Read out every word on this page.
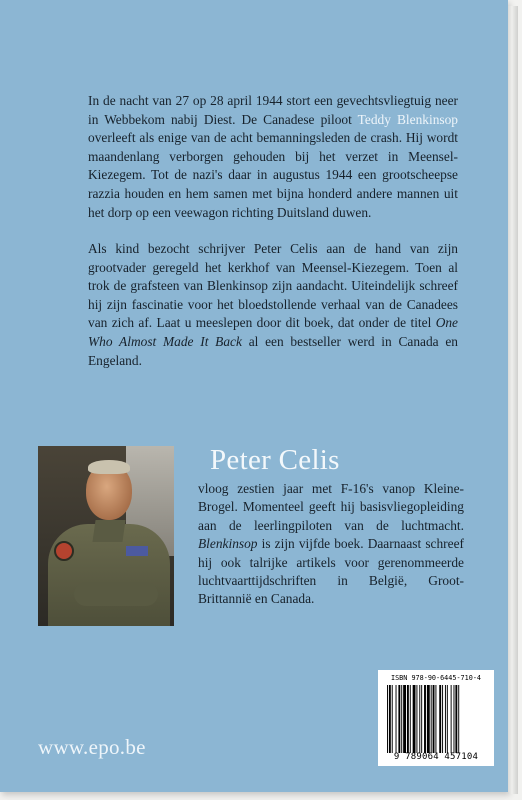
In de nacht van 27 op 28 april 1944 stort een gevechtsvliegtuig neer in Webbekom nabij Diest. De Canadese piloot Teddy Blenkinsop overleeft als enige van de acht bemanningsleden de crash. Hij wordt maandenlang verborgen gehouden bij het verzet in Meensel-Kiezegem. Tot de nazi's daar in augustus 1944 een grootscheepse razzia houden en hem samen met bijna honderd andere mannen uit het dorp op een veewagon richting Duitsland duwen.

Als kind bezocht schrijver Peter Celis aan de hand van zijn grootvader geregeld het kerkhof van Meensel-Kiezegem. Toen al trok de grafsteen van Blenkinsop zijn aandacht. Uiteindelijk schreef hij zijn fascinatie voor het bloedstollende verhaal van de Canadees van zich af. Laat u meeslepen door dit boek, dat onder de titel One Who Almost Made It Back al een bestseller werd in Canada en Engeland.

Peter Celis

vloog zestien jaar met F-16's vanop Kleine-Brogel. Momenteel geeft hij basisvliegopleiding aan de leerlingpiloten van de luchtmacht. Blenkinsop is zijn vijfde boek. Daarnaast schreef hij ook talrijke artikels voor gerenommeerde luchtvaarttijdschriften in België, Groot-Brittannië en Canada.

www.epo.be
ISBN 978-90-6445-710-4
9 789064 457104
